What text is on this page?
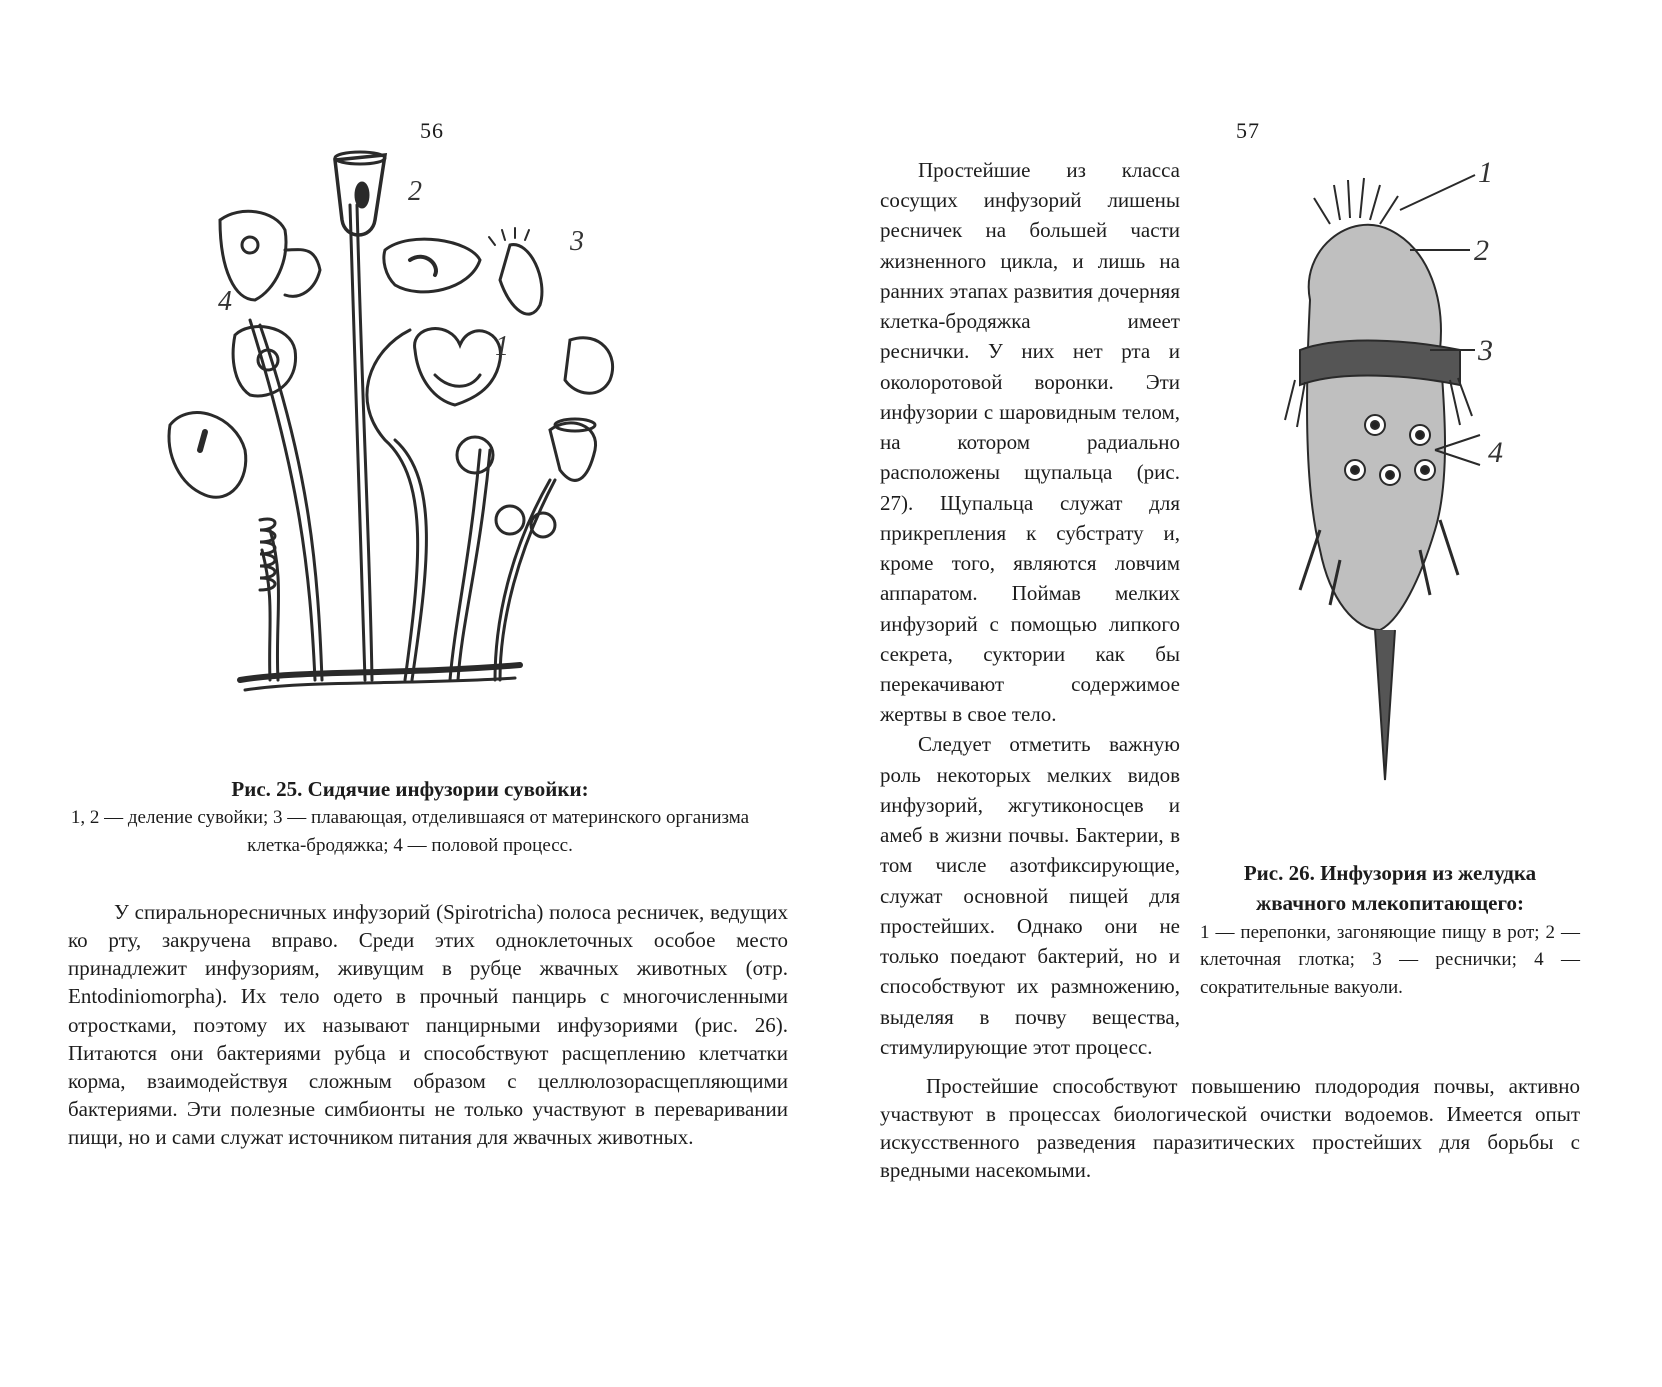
56
2
3
4
1
Рис. 25. Сидячие инфузории сувойки:
1, 2 — деление сувойки; 3 — плавающая, отделившаяся от материнского организма клетка-бродяжка; 4 — половой процесс.

У спиральноресничных инфузорий (Spirotricha) полоса ресничек, ведущих ко рту, закручена вправо. Среди этих одноклеточных особое место принадлежит инфузориям, живущим в рубце жвачных животных (отр. Entodiniomorpha). Их тело одето в прочный панцирь с многочисленными отростками, поэтому их называют панцирными инфузориями (рис. 26). Питаются они бактериями рубца и способствуют расщеплению клетчатки корма, взаимодействуя сложным образом с целлюлозорасщепляющими бактериями. Эти полезные симбионты не только участвуют в переваривании пищи, но и сами служат источником питания для жвачных животных.

57

Простейшие из класса сосущих инфузорий лишены ресничек на большей части жизненного цикла, и лишь на ранних этапах развития дочерняя клетка-бродяжка имеет реснички. У них нет рта и околоротовой воронки. Эти инфузории с шаровидным телом, на котором радиально расположены щупальца (рис. 27). Щупальца служат для прикрепления к субстрату и, кроме того, являются ловчим аппаратом. Поймав мелких инфузорий с помощью липкого секрета, суктории как бы перекачивают содержимое жертвы в свое тело.

Следует отметить важную роль некоторых мелких видов инфузорий, жгутиконосцев и амеб в жизни почвы. Бактерии, в том числе азотфиксирующие, служат основной пищей для простейших. Однако они не только поедают бактерий, но и способствуют их размножению, выделяя в почву вещества, стимулирующие этот процесс.

1
2
3
4
Рис. 26. Инфузория из желудка жвачного млекопитающего:
1 — перепонки, загоняющие пищу в рот; 2 — клеточная глотка; 3 — реснички; 4 — сократительные вакуоли.

Простейшие способствуют повышению плодородия почвы, активно участвуют в процессах биологической очистки водоемов. Имеется опыт искусственного разведения паразитических простейших для борьбы с вредными насекомыми.
